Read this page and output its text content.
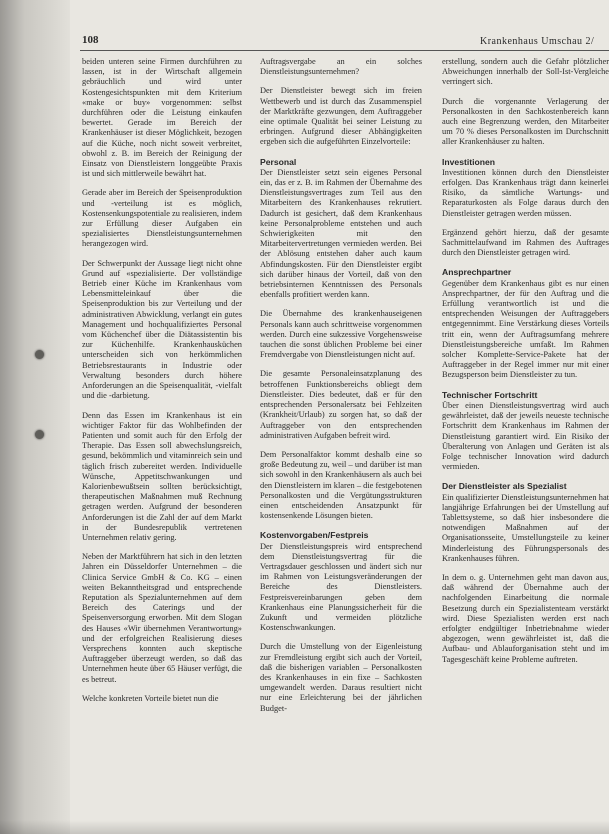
108	Krankenhaus Umschau 2/

beiden unteren seine Firmen durchführen zu lassen, ist in der Wirtschaft allgemein gebräuchlich und wird unter Kostengesichtspunkten mit dem Kriterium «make or buy» vorgenommen: selbst durchführen oder die Leistung einkaufen bewertet. Gerade im Bereich der Krankenhäuser ist dieser Möglichkeit, bezogen auf die Küche, noch nicht soweit verbreitet, obwohl z. B. im Bereich der Reinigung der Einsatz von Dienstleistern longgeübte Praxis ist und sich mittlerweile bewährt hat.

Gerade aber im Bereich der Speisenproduktion und -verteilung ist es möglich, Kostensenkungspotentiale zu realisieren, indem zur Erfüllung dieser Aufgaben ein spezialisiertes Dienstleistungsunternehmen herangezogen wird.

Der Schwerpunkt der Aussage liegt nicht ohne Grund auf «spezialisierte. Der vollständige Betrieb einer Küche im Krankenhaus vom Lebensmitteleinkauf über die Speisenproduktion bis zur Verteilung und der administrativen Abwicklung, verlangt ein gutes Management und hochqualifiziertes Personal vom Küchenchef über die Diätassistentin bis zur Küchenhilfe. Krankenhausküchen unterscheiden sich von herkömmlichen Betriebsrestaurants in Industrie oder Verwaltung besonders durch höhere Anforderungen an die Speisenqualität, -vielfalt und die -darbietung.

Denn das Essen im Krankenhaus ist ein wichtiger Faktor für das Wohlbefinden der Patienten und somit auch für den Erfolg der Therapie. Das Essen soll abwechslungsreich, gesund, bekömmlich und vitaminreich sein und täglich frisch zubereitet werden. Individuelle Wünsche, Appetitschwankungen und Kalorienbewußtsein sollten berücksichtigt, therapeutischen Maßnahmen muß Rechnung getragen werden. Aufgrund der besonderen Anforderungen ist die Zahl der auf dem Markt in der Bundesrepublik vertretenen Unternehmen relativ gering.

Neben der Marktführern hat sich in den letzten Jahren ein Düsseldorfer Unternehmen – die Clinica Service GmbH & Co. KG – einen weiten Bekanntheitsgrad und entsprechende Reputation als Spezialunternehmen auf dem Bereich des Caterings und der Speisenversorgung erworben. Mit dem Slogan des Hauses «Wir übernehmen Verantwortung» und der erfolgreichen Realisierung dieses Versprechens konnten auch skeptische Auftraggeber überzeugt werden, so daß das Unternehmen heute über 65 Häuser verfügt, die es betreut.

Welche konkreten Vorteile bietet nun die

Auftragsvergabe an ein solches Dienstleistungsunternehmen?

Der Dienstleister bewegt sich im freien Wettbewerb und ist durch das Zusammenspiel der Marktkräfte gezwungen, dem Auftraggeber eine optimale Qualität bei seiner Leistung zu erbringen. Aufgrund dieser Abhängigkeiten ergeben sich die aufgeführten Einzelvorteile:

Personal

Der Dienstleister setzt sein eigenes Personal ein, das er z. B. im Rahmen der Übernahme des Dienstleistungsvertrages zum Teil aus den Mitarbeitern des Krankenhauses rekrutiert. Dadurch ist gesichert, daß dem Krankenhaus keine Personalprobleme entstehen und auch Schwierigkeiten mit den Mitarbeitervertretungen vermieden werden. Bei der Ablösung entstehen daher auch kaum Abfindungskosten. Für den Dienstleister ergibt sich darüber hinaus der Vorteil, daß von den betriebsinternen Kenntnissen des Personals ebenfalls profitiert werden kann.

Die Übernahme des krankenhauseigenen Personals kann auch schrittweise vorgenommen werden. Durch eine sukzessive Vorgehensweise tauchen die sonst üblichen Probleme bei einer Fremdvergabe von Dienstleistungen nicht auf.

Die gesamte Personaleinsatzplanung des betroffenen Funktionsbereichs obliegt dem Dienstleister. Dies bedeutet, daß er für den entsprechenden Personalersatz bei Fehlzeiten (Krankheit/Urlaub) zu sorgen hat, so daß der Auftraggeber von den entsprechenden administrativen Aufgaben befreit wird.

Dem Personalfaktor kommt deshalb eine so große Bedeutung zu, weil – und darüber ist man sich sowohl in den Krankenhäusern als auch bei den Dienstleistern im klaren – die festgebotenen Personalkosten und die Vergütungsstrukturen einen entscheidenden Ansatzpunkt für kostensenkende Lösungen bieten.

Kostenvorgaben/Festpreis

Der Dienstleistungspreis wird entsprechend dem Dienstleistungsvertrag für die Vertragsdauer geschlossen und ändert sich nur im Rahmen von Leistungsveränderungen der Bereiche des Dienstleisters. Festpreisvereinbarungen geben dem Krankenhaus eine Planungssicherheit für die Zukunft und vermeiden plötzliche Kostenschwankungen.

Durch die Umstellung von der Eigenleistung zur Fremdleistung ergibt sich auch der Vorteil, daß die bisherigen variablen – Personalkosten des Krankenhauses in ein fixe – Sachkosten umgewandelt werden. Daraus resultiert nicht nur eine Erleichterung bei der jährlichen Budget-

erstellung, sondern auch die Gefahr plötzlicher Abweichungen innerhalb der Soll-Ist-Vergleiche verringert sich.

Durch die vorgenannte Verlagerung der Personalkosten in den Sachkostenbereich kann auch eine Begrenzung werden, den Mitarbeiter um 70 % dieses Personalkosten im Durchschnitt aller Krankenhäuser zu halten.

Investitionen

Investitionen können durch den Dienstleister erfolgen. Das Krankenhaus trägt dann keinerlei Risiko, da sämtliche Wartungs- und Reparaturkosten als Folge daraus durch den Dienstleister getragen werden müssen.

Ergänzend gehört hierzu, daß der gesamte Sachmittelaufwand im Rahmen des Auftrages durch den Dienstleister getragen wird.

Ansprechpartner

Gegenüber dem Krankenhaus gibt es nur einen Ansprechpartner, der für den Auftrag und die Erfüllung verantwortlich ist und die entsprechenden Weisungen der Auftraggebers entgegennimmt. Eine Verstärkung dieses Vorteils tritt ein, wenn der Auftragsumfang mehrere Dienstleistungsbereiche umfaßt. Im Rahmen solcher Komplette-Service-Pakete hat der Auftraggeber in der Regel immer nur mit einer Bezugsperson beim Dienstleister zu tun.

Technischer Fortschritt

Über einen Dienstleistungsvertrag wird auch gewährleistet, daß der jeweils neueste technische Fortschritt dem Krankenhaus im Rahmen der Dienstleistung garantiert wird. Ein Risiko der Überalterung von Anlagen und Geräten ist als Folge technischer Innovation wird dadurch vermieden.

Der Dienstleister als Spezialist

Ein qualifizierter Dienstleistungsunternehmen hat langjährige Erfahrungen bei der Umstellung auf Tablettsysteme, so daß hier insbesondere die notwendigen Maßnahmen auf der Organisationsseite, Umstellungsteile zu keiner Minderleistung des Führungspersonals des Krankenhauses führen.

In dem o. g. Unternehmen geht man davon aus, daß während der Übernahme auch der nachfolgenden Einarbeitung die normale Besetzung durch ein Spezialistenteam verstärkt wird. Diese Spezialisten werden erst nach erfolgter endgültiger Inbetriebnahme wieder abgezogen, wenn gewährleistet ist, daß die Aufbau- und Ablauforganisation steht und im Tagesgeschäft keine Probleme auftreten.
